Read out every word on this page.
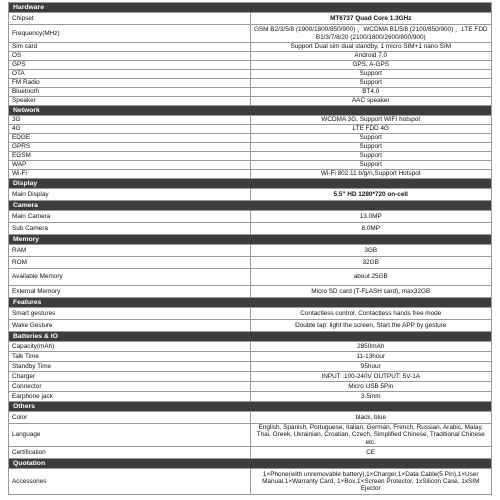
Hardware	
Chipset	MT6737 Quad Core 1.3GHz
Frequency(MHz)	GSM B2/3/5/8 (1900/1800/850/900) ，WCDMA B1/5/8 (2100/850/900) ，LTE FDD B1/3/7/8/20 (2100/1800/2600/800/900)
Sim card	Support Dual sim dual standby, 1 micro SIM+1 nano SIM
OS	Android 7.0
GPS	GPS, A-GPS
OTA	Support
FM Radio	Support
Bluetooth	BT4.0
Speaker	AAC speaker
Network	
3G	WCDMA 3G, Support WIFI hotspot
4G	LTE FDD 4G
EDGE	Support
GPRS	Support
EGSM	Support
WAP	Support
Wi-Fi	Wi-Fi 802.11 b/g/n,Support Hotspot
Display	
Main Display	5.5" HD 1280*720 on-cell
Camera	
Main Camera	13.0MP
Sub Camera	8.0MP
Memory	
RAM	3GB
ROM	32GB
Available Memory	about 25GB
External Memory	Micro SD card (T-FLASH card), max32GB
Features	
Smart gestures	Contactless control. Contactless hands free mode
Wake Gesture	Double tap: light the screen, Start the APP by gesture
Batteries & IO	
Capacity(mAh)	2850mAh
Talk Time	11-13hour
Standby Time	95hour
Charger	INPUT :100-240V OUTPUT: 5V-1A
Connector	Micro USB 5Pin
Earphone jack	3.5mm
Others	
Color	black, blue
Language	English, Spanish, Portuguese, Italian, German, French, Russian, Arabic, Malay, Thai, Greek, Ukrainian, Croatian, Czech, Simplified Chinese, Traditional Chinese etc.
Certification	CE
Quotation	
Accessories	1×Phone(with unremovable battery),1×Charger,1×Data Cable(5 Pin),1×User Manual,1×Warranty Card, 1×Box,1×Screen Protector, 1xSilicon Case, 1xSIM Ejector
